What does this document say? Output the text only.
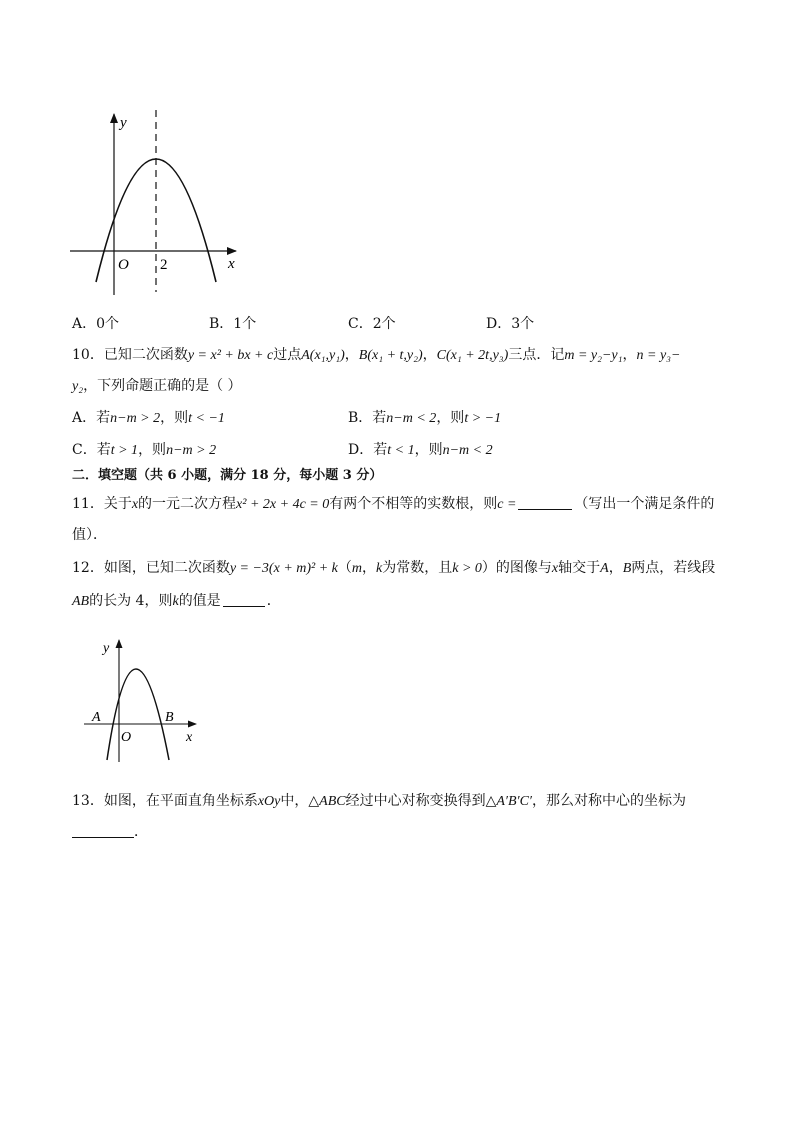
y
x
O 2
A．0个	B．1个	C．2个	D．3个
10．已知二次函数y = x² + bx + c过点A(x₁,y₁)，B(x₁ + t,y₂)，C(x₁ + 2t,y₃)三点．记m = y₂−y₁，n = y₃−
y₂，下列命题正确的是（ ）
A．若n−m > 2，则t < −1	B．若n−m < 2，则t > −1
C．若t > 1，则n−m > 2	D．若t < 1，则n−m < 2
二．填空题（共 6 小题，满分 18 分，每小题 3 分）
11．关于x的一元二次方程x² + 2x + 4c = 0有两个不相等的实数根，则c =	（写出一个满足条件的
值）．
12．如图，已知二次函数y = −3(x + m)² + k（m，k为常数，且k > 0）的图像与x轴交于A，B两点，若线段
AB的长为 4，则k的值是	．
y
x
O
A	B
13．如图，在平面直角坐标系xOy中，△ABC经过中心对称变换得到△A′B′C′，那么对称中心的坐标为
．
